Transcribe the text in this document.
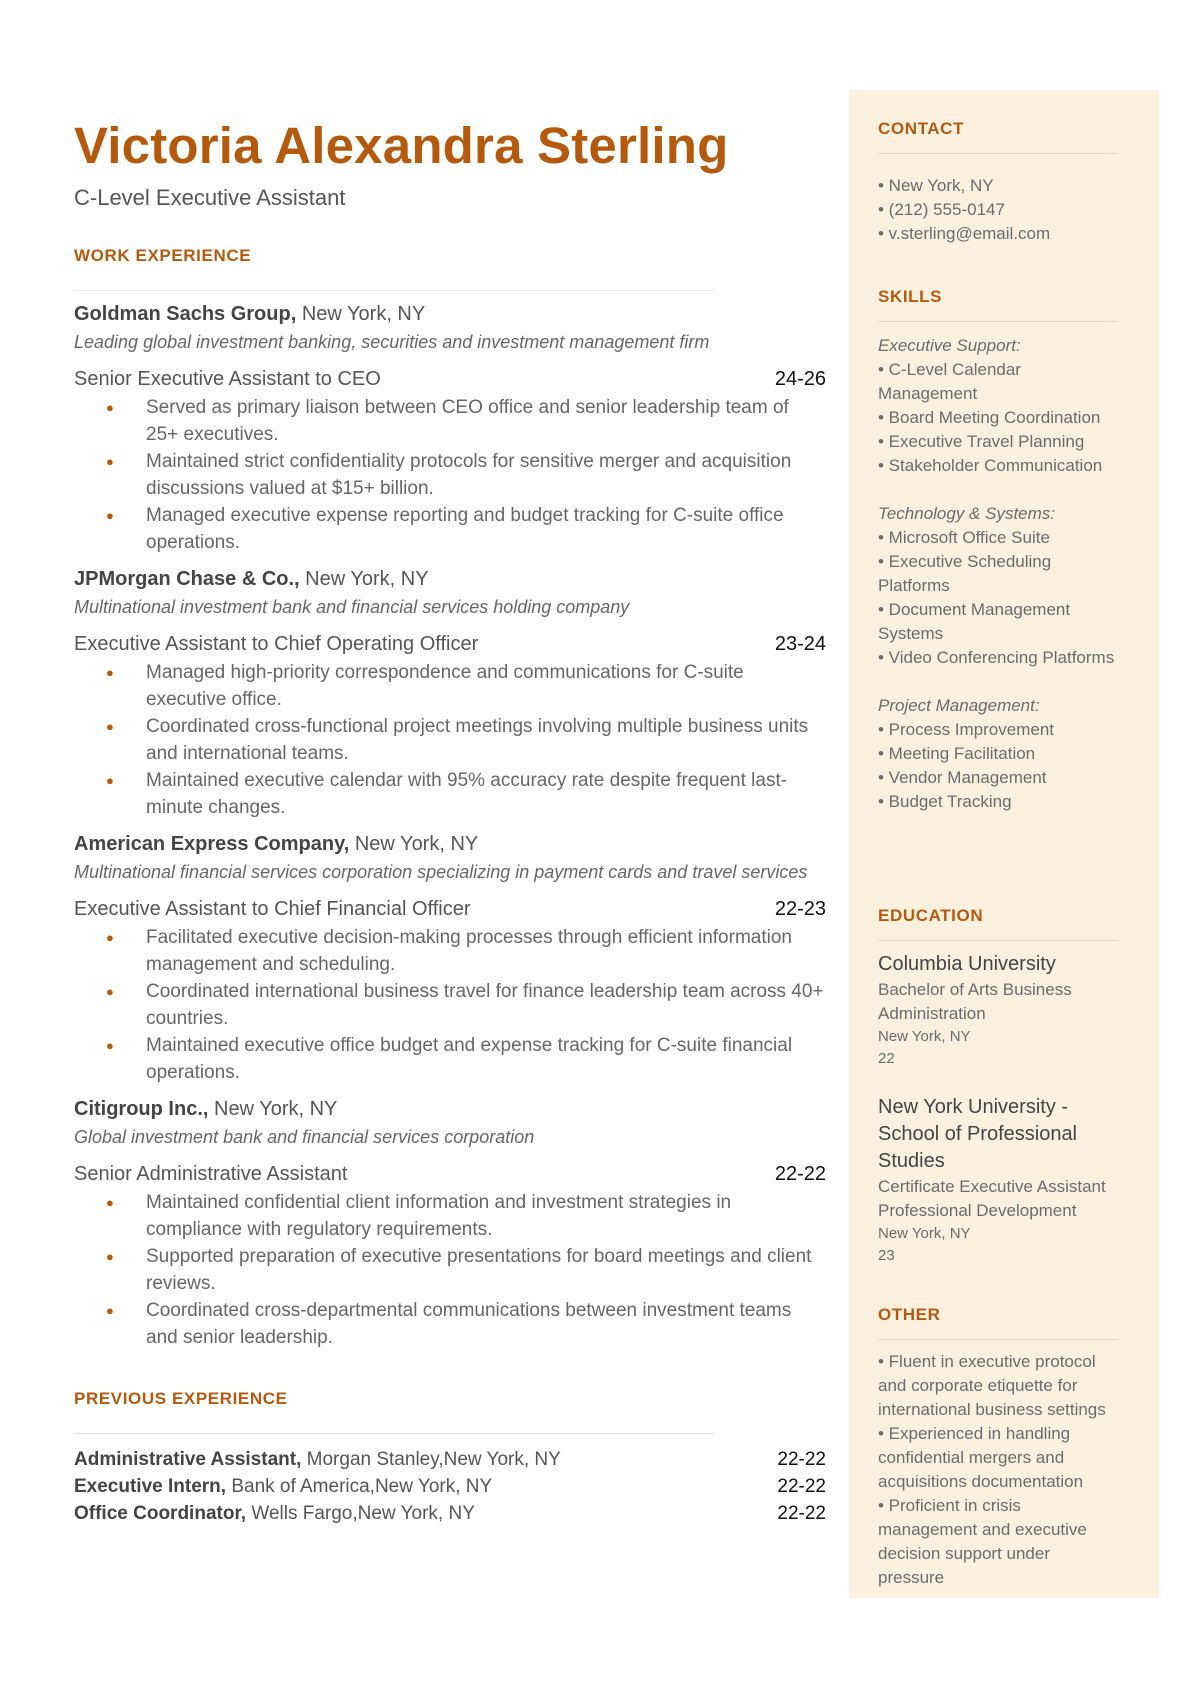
Victoria Alexandra Sterling
C-Level Executive Assistant
WORK EXPERIENCE
Goldman Sachs Group, New York, NY
Leading global investment banking, securities and investment management firm
Senior Executive Assistant to CEO	24-26
● Served as primary liaison between CEO office and senior leadership team of 25+ executives.
● Maintained strict confidentiality protocols for sensitive merger and acquisition discussions valued at $15+ billion.
● Managed executive expense reporting and budget tracking for C-suite office operations.
JPMorgan Chase & Co., New York, NY
Multinational investment bank and financial services holding company
Executive Assistant to Chief Operating Officer	23-24
● Managed high-priority correspondence and communications for C-suite executive office.
● Coordinated cross-functional project meetings involving multiple business units and international teams.
● Maintained executive calendar with 95% accuracy rate despite frequent last-minute changes.
American Express Company, New York, NY
Multinational financial services corporation specializing in payment cards and travel services
Executive Assistant to Chief Financial Officer	22-23
● Facilitated executive decision-making processes through efficient information management and scheduling.
● Coordinated international business travel for finance leadership team across 40+ countries.
● Maintained executive office budget and expense tracking for C-suite financial operations.
Citigroup Inc., New York, NY
Global investment bank and financial services corporation
Senior Administrative Assistant	22-22
● Maintained confidential client information and investment strategies in compliance with regulatory requirements.
● Supported preparation of executive presentations for board meetings and client reviews.
● Coordinated cross-departmental communications between investment teams and senior leadership.
PREVIOUS EXPERIENCE
Administrative Assistant, Morgan Stanley,New York, NY	22-22
Executive Intern, Bank of America,New York, NY	22-22
Office Coordinator, Wells Fargo,New York, NY	22-22
CONTACT
• New York, NY
• (212) 555-0147
• v.sterling@email.com
SKILLS
Executive Support:
• C-Level Calendar Management
• Board Meeting Coordination
• Executive Travel Planning
• Stakeholder Communication
Technology & Systems:
• Microsoft Office Suite
• Executive Scheduling Platforms
• Document Management Systems
• Video Conferencing Platforms
Project Management:
• Process Improvement
• Meeting Facilitation
• Vendor Management
• Budget Tracking
EDUCATION
Columbia University
Bachelor of Arts Business Administration
New York, NY
22
New York University - School of Professional Studies
Certificate Executive Assistant Professional Development
New York, NY
23
OTHER
• Fluent in executive protocol and corporate etiquette for international business settings
• Experienced in handling confidential mergers and acquisitions documentation
• Proficient in crisis management and executive decision support under pressure
